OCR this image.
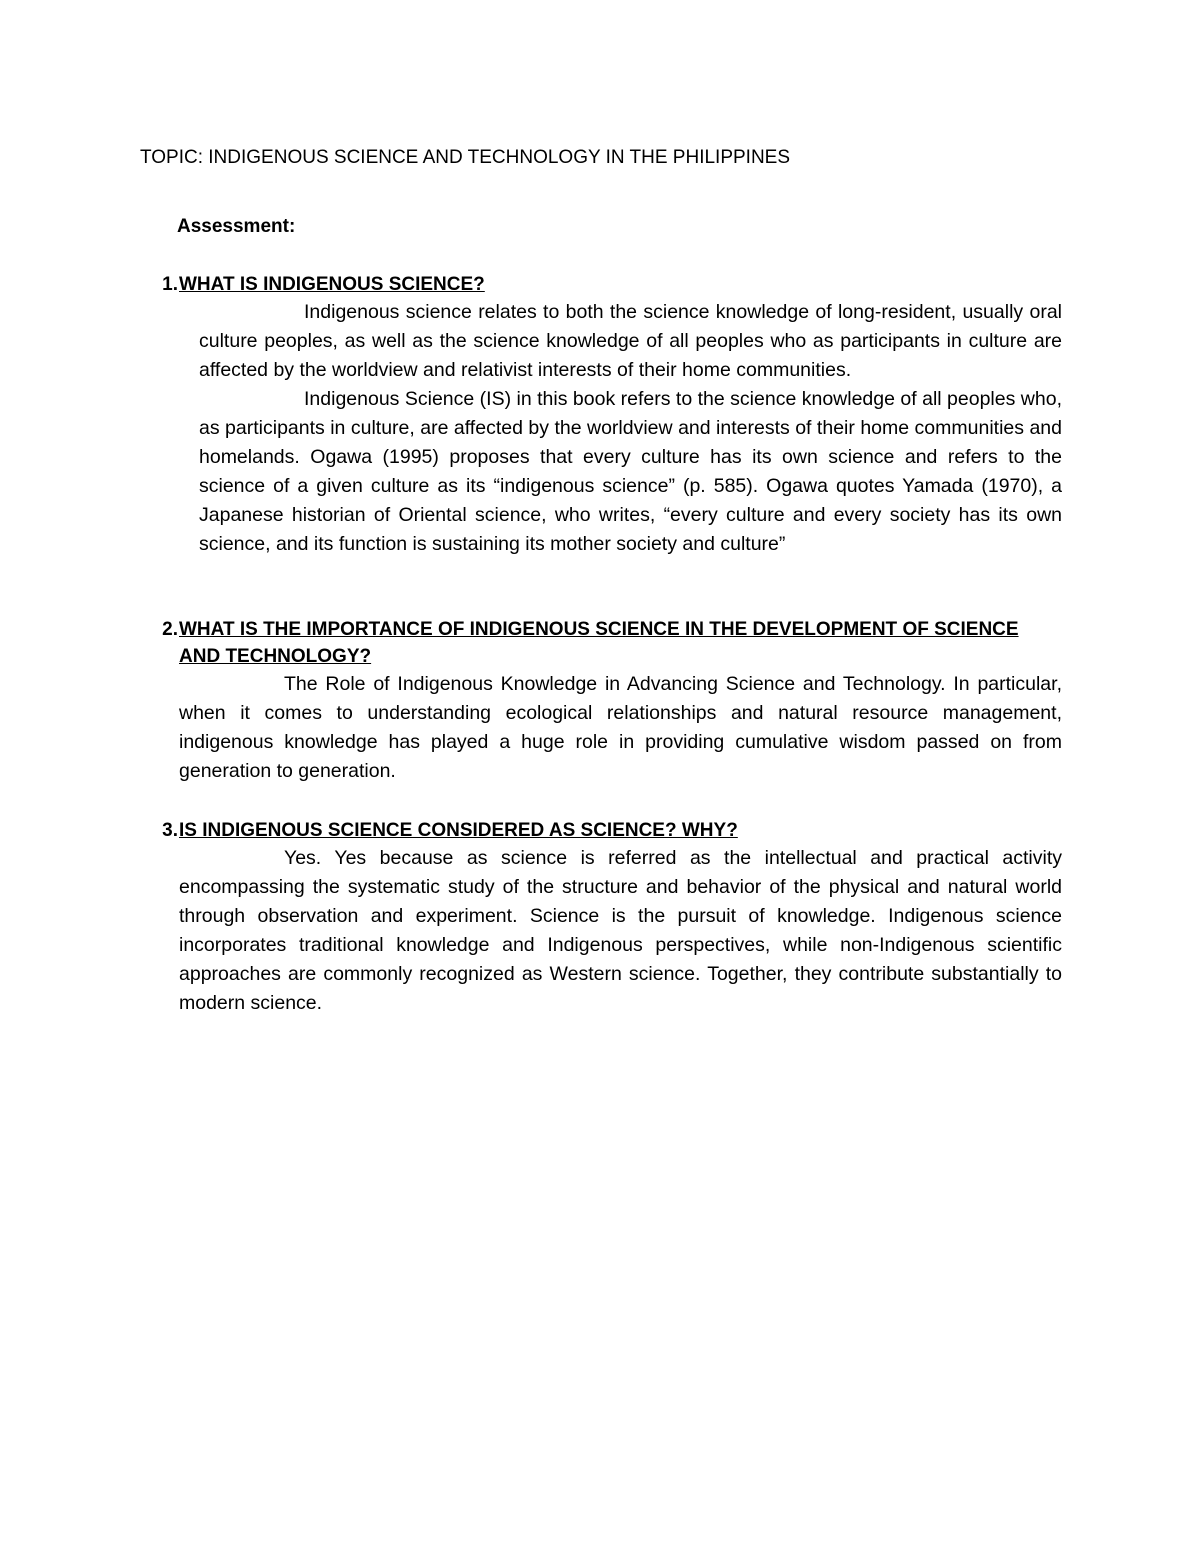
TOPIC: INDIGENOUS SCIENCE AND TECHNOLOGY IN THE PHILIPPINES
Assessment:
1. WHAT IS INDIGENOUS SCIENCE?

Indigenous science relates to both the science knowledge of long-resident, usually oral culture peoples, as well as the science knowledge of all peoples who as participants in culture are affected by the worldview and relativist interests of their home communities.

Indigenous Science (IS) in this book refers to the science knowledge of all peoples who, as participants in culture, are affected by the worldview and interests of their home communities and homelands. Ogawa (1995) proposes that every culture has its own science and refers to the science of a given culture as its “indigenous science” (p. 585). Ogawa quotes Yamada (1970), a Japanese historian of Oriental science, who writes, “every culture and every society has its own science, and its function is sustaining its mother society and culture”

2. WHAT IS THE IMPORTANCE OF INDIGENOUS SCIENCE IN THE DEVELOPMENT OF SCIENCE AND TECHNOLOGY?

The Role of Indigenous Knowledge in Advancing Science and Technology. In particular, when it comes to understanding ecological relationships and natural resource management, indigenous knowledge has played a huge role in providing cumulative wisdom passed on from generation to generation.

3. IS INDIGENOUS SCIENCE CONSIDERED AS SCIENCE? WHY?

Yes. Yes because as science is referred as the intellectual and practical activity encompassing the systematic study of the structure and behavior of the physical and natural world through observation and experiment. Science is the pursuit of knowledge. Indigenous science incorporates traditional knowledge and Indigenous perspectives, while non-Indigenous scientific approaches are commonly recognized as Western science. Together, they contribute substantially to modern science.
